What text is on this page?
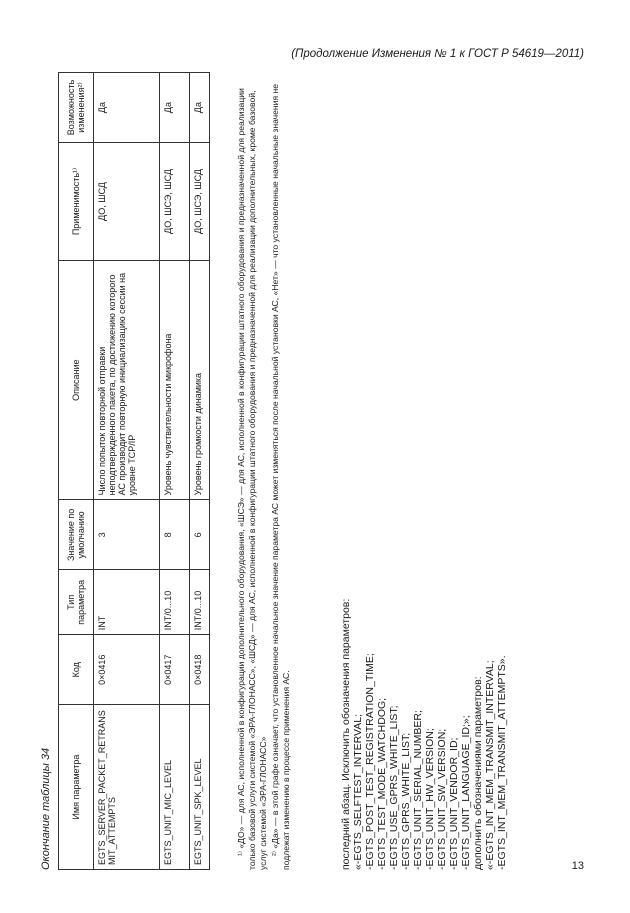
(Продолжение Изменения № 1 к ГОСТ Р 54619—2011)
Окончание таблицы 34 Имя параметра	Код	Тип параметра	Значение по умолчанию	Описание	Применимость¹⁾	Возможность изменения²⁾
EGTS_SERVER_PACKET_RETRANSMIT_ATTEMPTS	0×0416	INT	3	Число попыток повторной отправки неподтвержденного пакета, по достижению которого АС производит повторную инициализацию сессии на уровне TCP/IP	ДО, ШСД	Да
EGTS_UNIT_MIC_LEVEL	0×0417	INT/0...10	8	Уровень чувствительности микрофона	ДО, ШСЭ, ШСД	Да
EGTS_UNIT_SPK_LEVEL	0×0418	INT/0...10	6	Уровень громкости динамика	ДО, ШСЭ, ШСД	Да	¹⁾ «ДО» — для АС, исполненной в конфигурации дополнительного оборудования, «ШСЭ» — для АС, исполненной в конфигурации штатного оборудования и предназначенной для реализации только базовой услуги системой «ЭРА-ГЛОНАСС», «ШСД» — для АС, исполненной в конфигурации штатного оборудования и предназначенной для реализации дополнительных, кроме базовой, услуг системой «ЭРА-ГЛОНАСС» ²⁾ «Да» — в этой графе означает, что установленное начальное значение параметра АС может изменяться после начальной установки АС, «Нет» — что установленные начальные значения не подлежат изменению в процессе применения АС.	последний абзац. Исключить обозначения параметров: «-EGTS_SELFTEST_INTERVAL; -EGTS_POST_TEST_REGISTRATION_TIME; -EGTS_TEST_MODE_WATCHDOG; -EGTS_USE_GPRS_WHITE_LIST; -EGTS_GPRS_WHITE_LIST; -EGTS_UNIT_SERIAL_NUMBER; -EGTS_UNIT_HW_VERSION; -EGTS_UNIT_SW_VERSION; -EGTS_UNIT_VENDOR_ID; -EGTS_UNIT_LANGUAGE_ID;»; дополнить обозначениями параметров: «-EGTS_INT_MEM_TRANSMIT_INTERVAL; -EGTS_INT_MEM_TRANSMIT_ATTEMPTS».	13
